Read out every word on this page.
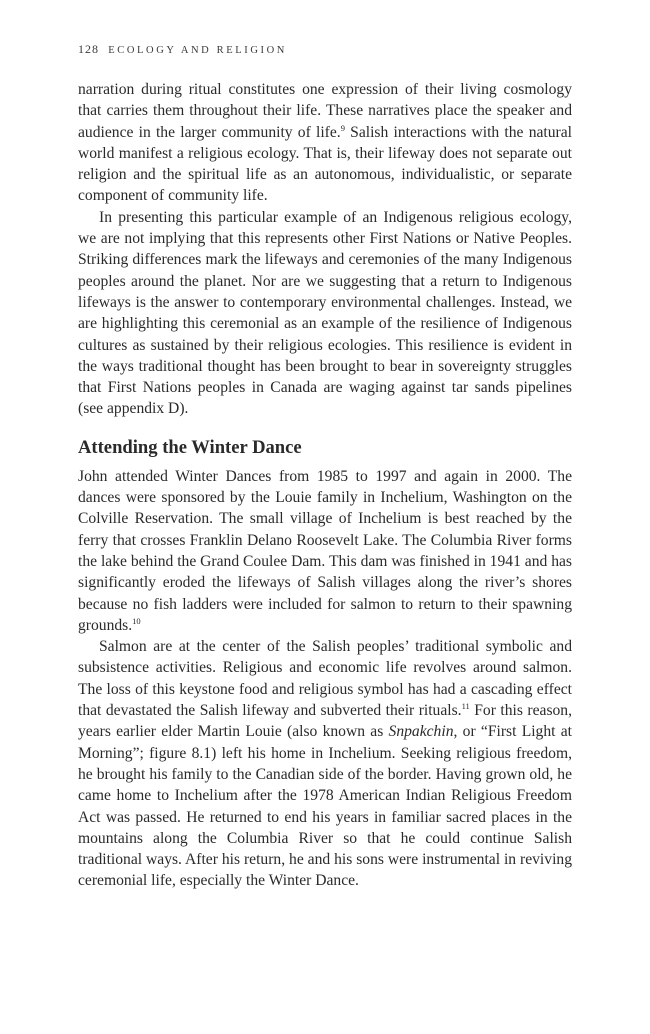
128 ECOLOGY AND RELIGION

narration during ritual constitutes one expression of their living cosmology that carries them throughout their life. These narratives place the speaker and audience in the larger community of life.$^9$ Salish interactions with the natural world manifest a religious ecology. That is, their lifeway does not separate out religion and the spiritual life as an autonomous, individualistic, or separate component of community life.

In presenting this particular example of an Indigenous religious ecology, we are not implying that this represents other First Nations or Native Peoples. Striking differences mark the lifeways and ceremonies of the many Indigenous peoples around the planet. Nor are we suggesting that a return to Indigenous lifeways is the answer to contemporary environmental challenges. Instead, we are highlighting this ceremonial as an example of the resilience of Indigenous cultures as sustained by their religious ecologies. This resilience is evident in the ways traditional thought has been brought to bear in sovereignty struggles that First Nations peoples in Canada are waging against tar sands pipelines (see appendix D).

Attending the Winter Dance

John attended Winter Dances from 1985 to 1997 and again in 2000. The dances were sponsored by the Louie family in Inchelium, Washington on the Colville Reservation. The small village of Inchelium is best reached by the ferry that crosses Franklin Delano Roosevelt Lake. The Columbia River forms the lake behind the Grand Coulee Dam. This dam was finished in 1941 and has significantly eroded the lifeways of Salish villages along the river’s shores because no fish ladders were included for salmon to return to their spawning grounds.$^{10}$

Salmon are at the center of the Salish peoples’ traditional symbolic and subsistence activities. Religious and economic life revolves around salmon. The loss of this keystone food and religious symbol has had a cascading effect that devastated the Salish lifeway and subverted their rituals.$^{11}$ For this reason, years earlier elder Martin Louie (also known as Snpakchin, or “First Light at Morning”; figure 8.1) left his home in Inchelium. Seeking religious freedom, he brought his family to the Canadian side of the border. Having grown old, he came home to Inchelium after the 1978 American Indian Religious Freedom Act was passed. He returned to end his years in familiar sacred places in the mountains along the Columbia River so that he could continue Salish traditional ways. After his return, he and his sons were instrumental in reviving ceremonial life, especially the Winter Dance.
